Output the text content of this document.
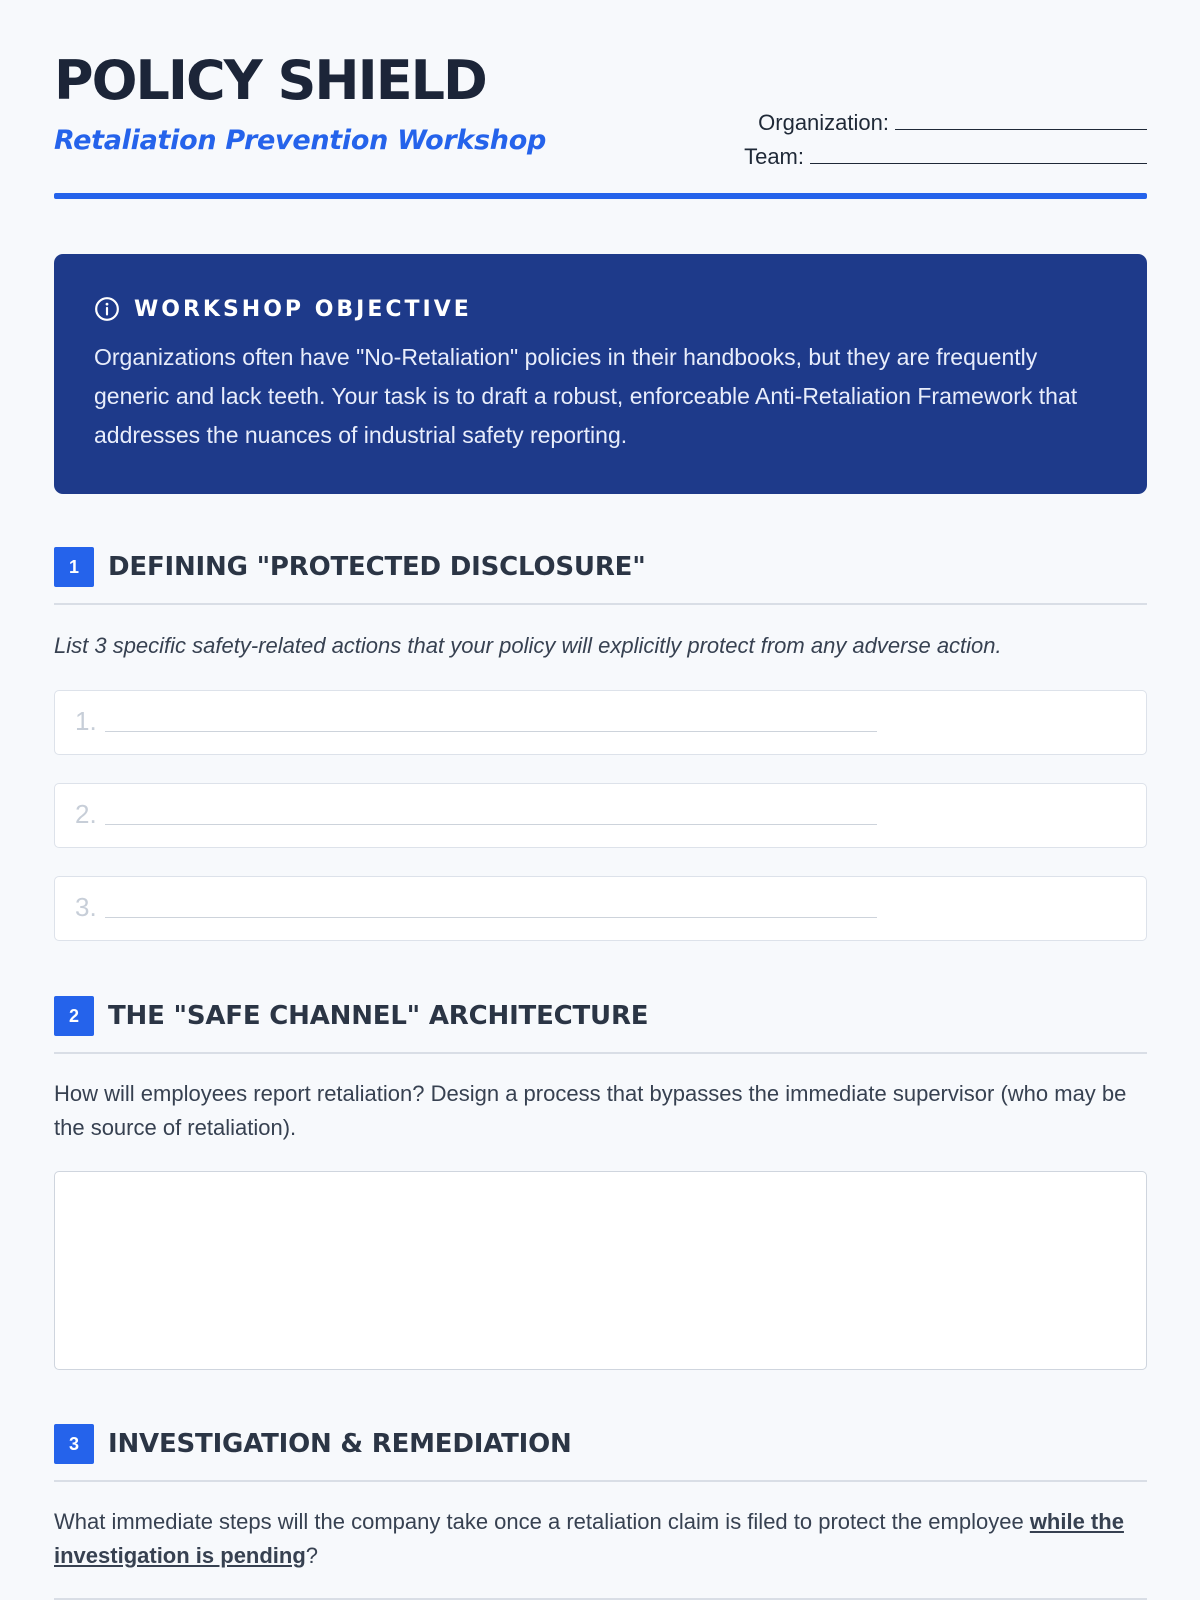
POLICY SHIELD
Retaliation Prevention Workshop
Organization:
Team:
WORKSHOP OBJECTIVE
Organizations often have "No-Retaliation" policies in their handbooks, but they are frequently generic and lack teeth. Your task is to draft a robust, enforceable Anti-Retaliation Framework that addresses the nuances of industrial safety reporting.
1	DEFINING "PROTECTED DISCLOSURE"
List 3 specific safety-related actions that your policy will explicitly protect from any adverse action.
1.
2.
3.
2	THE "SAFE CHANNEL" ARCHITECTURE
How will employees report retaliation? Design a process that bypasses the immediate supervisor (who may be the source of retaliation).
3	INVESTIGATION & REMEDIATION
What immediate steps will the company take once a retaliation claim is filed to protect the employee while the investigation is pending?
